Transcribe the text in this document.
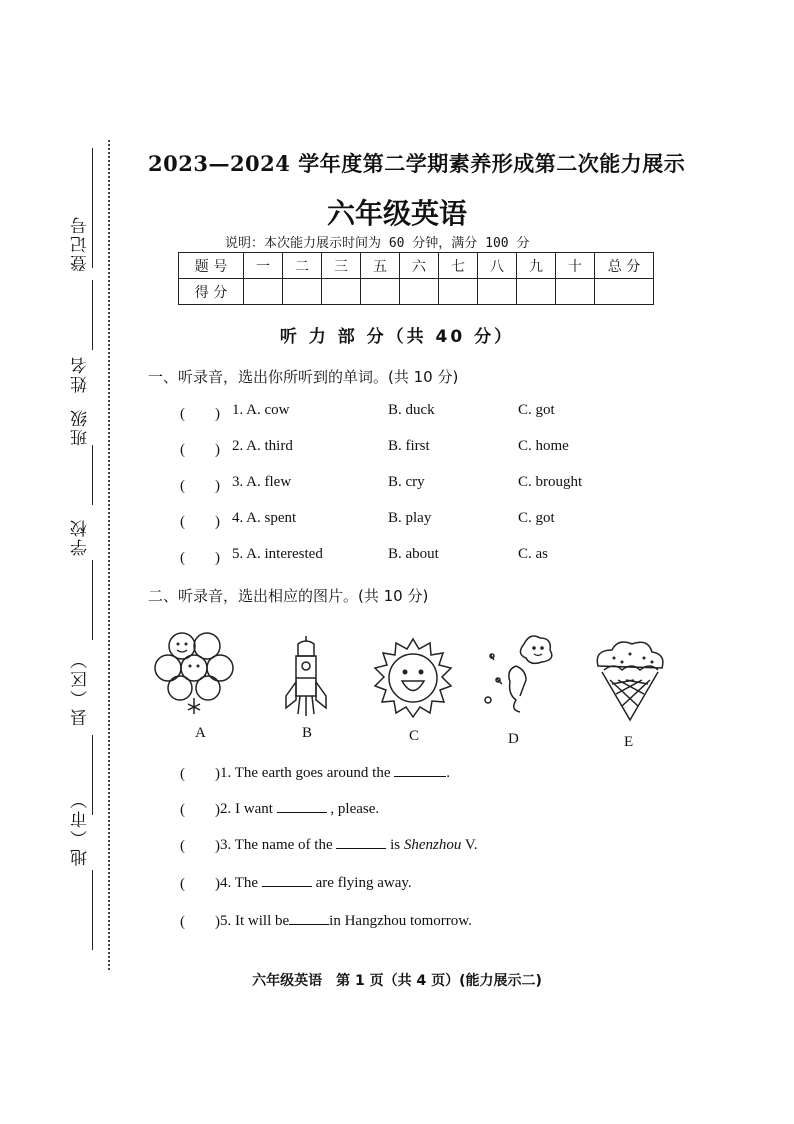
登记号
姓名
班级
学校
县（区）
地（市）
2023—2024 学年度第二学期素养形成第二次能力展示
六年级英语
说明：本次能力展示时间为 60 分钟，满分 100 分
题 号	一	二	三	五	六	七	八	九	十	总 分
得 分										
听 力 部 分（共 40 分）
一、听录音，选出你所听到的单词。(共 10 分)
(　　) 1. A. cow	B. duck	C. got
(　　) 2. A. third	B. first	C. home
(　　) 3. A. flew	B. cry	C. brought
(　　) 4. A. spent	B. play	C. got
(　　) 5. A. interested	B. about	C. as
二、听录音，选出相应的图片。(共 10 分)
A	B	C	D	E
(　　) 1. The earth goes around the	.
(　　) 2. I want	, please.
(　　) 3. The name of the	is Shenzhou V.
(　　) 4. The	are flying away.
(　　) 5. It will be	in Hangzhou tomorrow.
六年级英语　第 1 页（共 4 页）(能力展示二)
